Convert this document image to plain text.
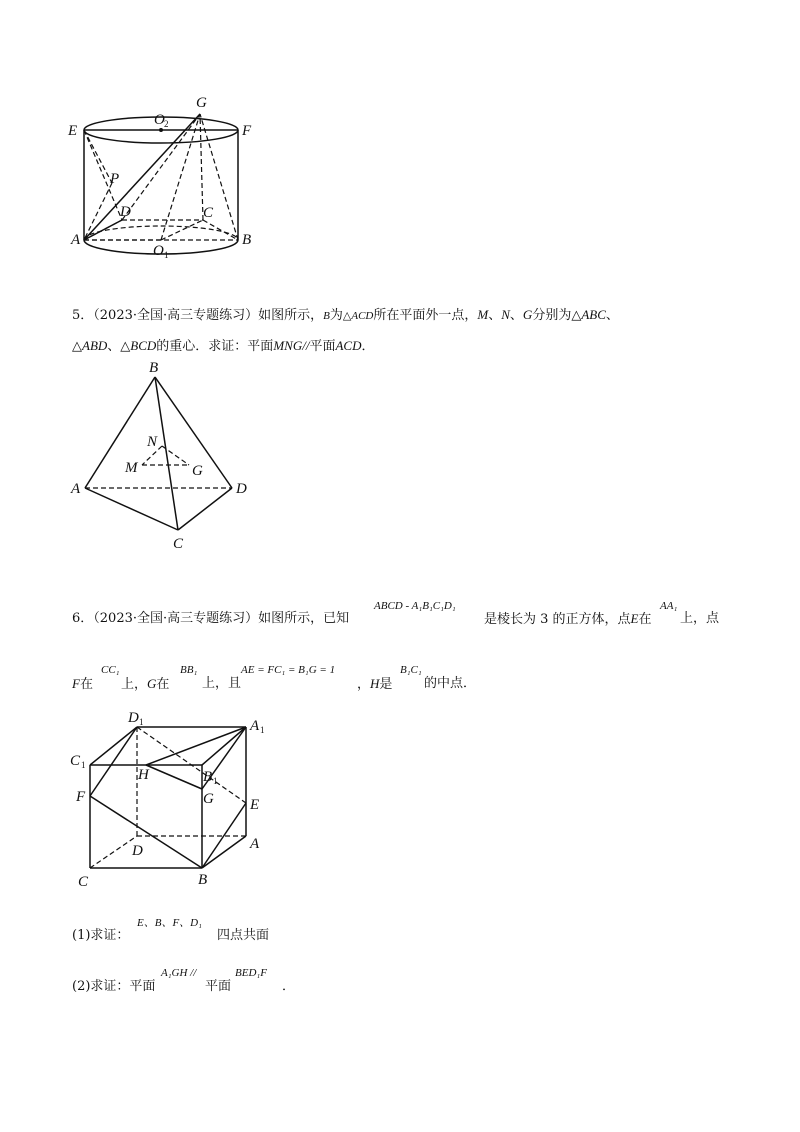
G
E	F
O 2
P
D	C
A	B
O 1
5．（2023·全国·高三专题练习）如图所示，B为△ACD所在平面外一点，M、N、G分别为△ABC、
△ABD、△BCD的重心．求证：平面MNG//平面ACD．
B
N
M	G
A	D
C
6．（2023·全国·高三专题练习）如图所示，已知
ABCD - A₁B₁C₁D₁
是棱长为 3 的正方体，点E在
AA₁
上，点
F在
CC₁
上，G在
BB₁
上，且
AE = FC₁ = B₁G = 1
，H是
B₁C₁
的中点．
D 1	A 1
C 1
H	B 1
F	G E
D	A
C	B
(1)求证：
E、B、F、D₁
四点共面
(2)求证：平面
A₁GH //
平面
BED₁F
．
